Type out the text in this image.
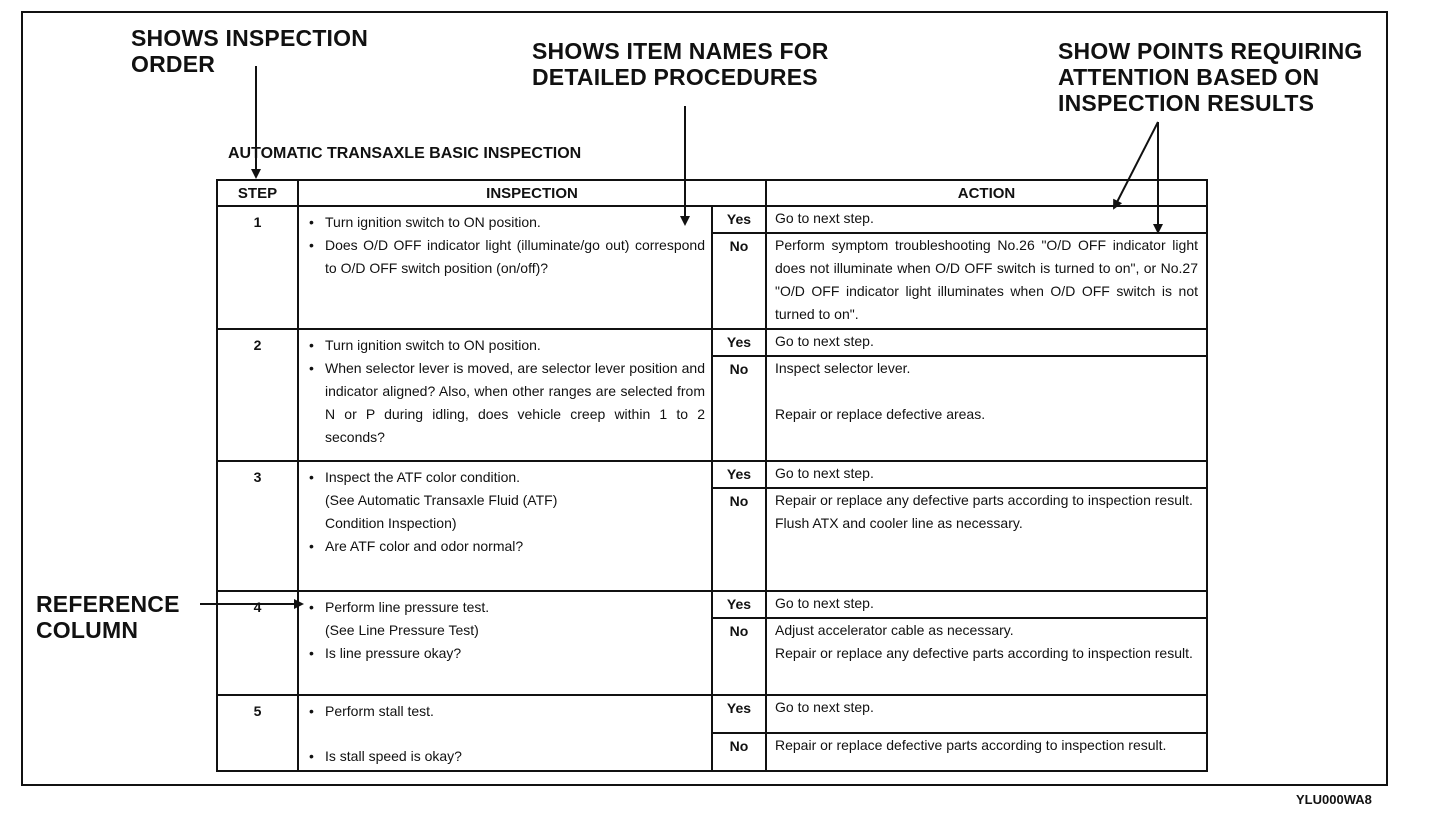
SHOWS INSPECTION
ORDER	SHOWS ITEM NAMES FOR
DETAILED PROCEDURES
SHOW POINTS REQUIRING
ATTENTION BASED ON
INSPECTION RESULTS
REFERENCE
COLUMN
AUTOMATIC TRANSAXLE BASIC INSPECTION
STEP	INSPECTION		ACTION

1	• Turn ignition switch to ON position.
• Does O/D OFF indicator light (illuminate/go out) correspond to O/D OFF switch position (on/off)?	Yes	Go to next step.

		No	Perform symptom troubleshooting No.26 "O/D OFF indicator light does not illuminate when O/D OFF switch is turned to on", or No.27 "O/D OFF indicator light illuminates when O/D OFF switch is not turned to on".

2	• Turn ignition switch to ON position.
• When selector lever is moved, are selector lever position and indicator aligned? Also, when other ranges are selected from N or P during idling, does vehicle creep within 1 to 2 seconds?	Yes	Go to next step.

		No	Inspect selector lever.
Repair or replace defective areas.

3	• Inspect the ATF color condition.
(See Automatic Transaxle Fluid (ATF) Condition Inspection)
• Are ATF color and odor normal?	Yes	Go to next step.

		No	Repair or replace any defective parts according to inspection result.
Flush ATX and cooler line as necessary.

4	• Perform line pressure test.
(See Line Pressure Test)
• Is line pressure okay?	Yes	Go to next step.

		No	Adjust accelerator cable as necessary.
Repair or replace any defective parts according to inspection result.

5	• Perform stall test.
• Is stall speed is okay?	Yes	Go to next step.

		No	Repair or replace defective parts according to inspection result.
YLU000WA8
